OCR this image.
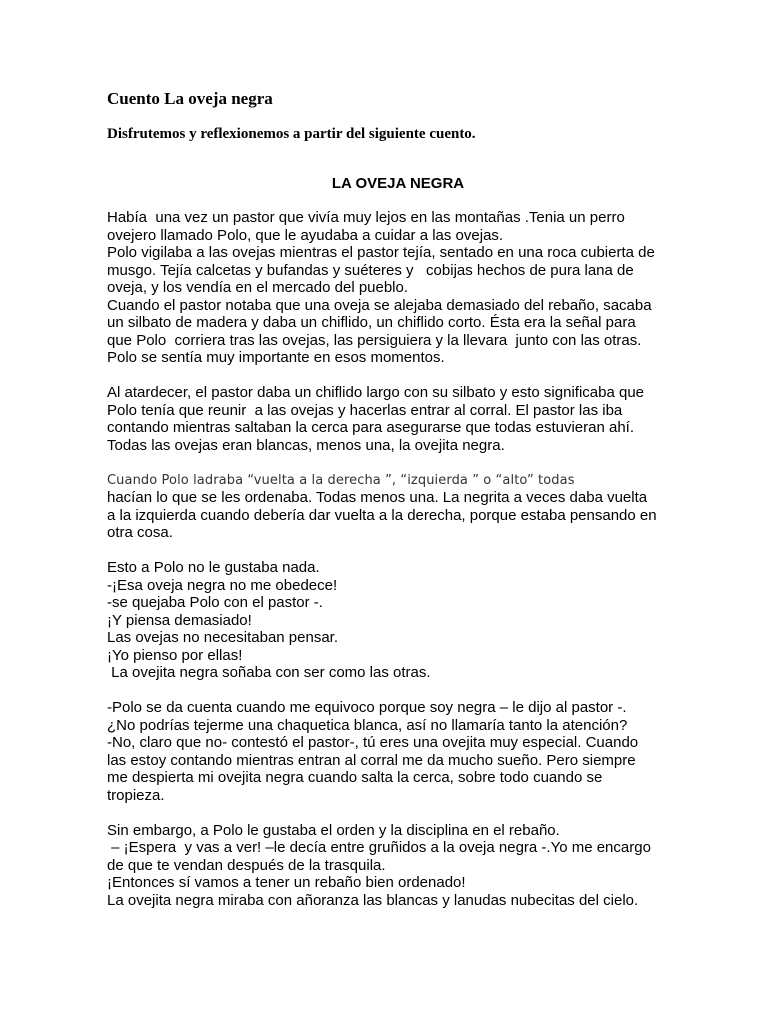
Cuento La oveja negra
Disfrutemos y reflexionemos a partir del siguiente cuento.
LA OVEJA NEGRA
Había  una vez un pastor que vivía muy lejos en las montañas .Tenia un perro
ovejero llamado Polo, que le ayudaba a cuidar a las ovejas.
Polo vigilaba a las ovejas mientras el pastor tejía, sentado en una roca cubierta de
musgo. Tejía calcetas y bufandas y suéteres y   cobijas hechos de pura lana de
oveja, y los vendía en el mercado del pueblo.
Cuando el pastor notaba que una oveja se alejaba demasiado del rebaño, sacaba
un silbato de madera y daba un chiflido, un chiflido corto. Ésta era la señal para
que Polo  corriera tras las ovejas, las persiguiera y la llevara  junto con las otras.
Polo se sentía muy importante en esos momentos.
Al atardecer, el pastor daba un chiflido largo con su silbato y esto significaba que
Polo tenía que reunir  a las ovejas y hacerlas entrar al corral. El pastor las iba
contando mientras saltaban la cerca para asegurarse que todas estuvieran ahí.
Todas las ovejas eran blancas, menos una, la ovejita negra.
Cuando Polo ladraba “vuelta a la derecha ”, “izquierda ” o “alto” todas
hacían lo que se les ordenaba. Todas menos una. La negrita a veces daba vuelta
a la izquierda cuando debería dar vuelta a la derecha, porque estaba pensando en
otra cosa.
Esto a Polo no le gustaba nada.
-¡Esa oveja negra no me obedece!
-se quejaba Polo con el pastor -.
¡Y piensa demasiado!
Las ovejas no necesitaban pensar.
¡Yo pienso por ellas!
La ovejita negra soñaba con ser como las otras.
-Polo se da cuenta cuando me equivoco porque soy negra – le dijo al pastor -.
¿No podrías tejerme una chaquetica blanca, así no llamaría tanto la atención?
-No, claro que no- contestó el pastor-, tú eres una ovejita muy especial. Cuando
las estoy contando mientras entran al corral me da mucho sueño. Pero siempre
me despierta mi ovejita negra cuando salta la cerca, sobre todo cuando se
tropieza.
Sin embargo, a Polo le gustaba el orden y la disciplina en el rebaño.
– ¡Espera  y vas a ver! –le decía entre gruñidos a la oveja negra -.Yo me encargo
de que te vendan después de la trasquila.
¡Entonces sí vamos a tener un rebaño bien ordenado!
La ovejita negra miraba con añoranza las blancas y lanudas nubecitas del cielo.
